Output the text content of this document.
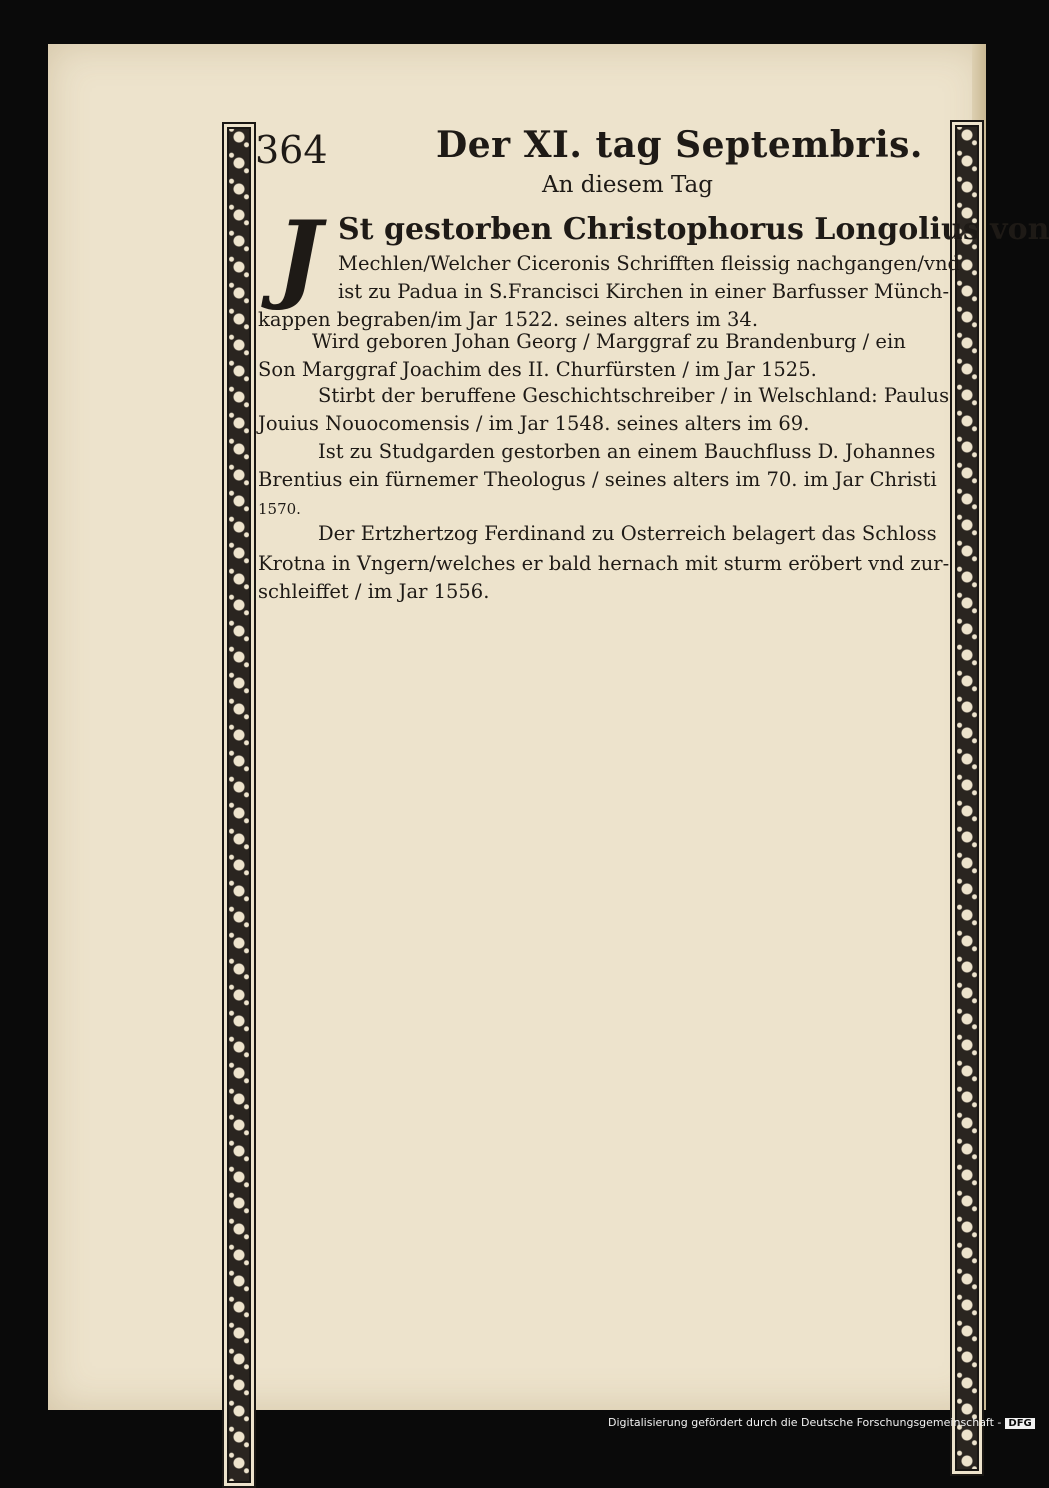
364	Der XI. tag Septembris.
An diesem Tag
J St gestorben Christophorus Longolius von
Mechlen/Welcher Ciceronis Schrifften fleissig nachgangen/vnd
ist zu Padua in S.Francisci Kirchen in einer Barfusser Münch-
kappen begraben/im Jar 1522. seines alters im 34.
Wird geboren Johan Georg / Marggraf zu Brandenburg / ein
Son Marggraf Joachim des II. Churfürsten / im Jar 1525.
Stirbt der beruffene Geschichtschreiber / in Welschland: Paulus
Jouius Nouocomensis / im Jar 1548. seines alters im 69.
Ist zu Studgarden gestorben an einem Bauchfluss D. Johannes
Brentius ein fürnemer Theologus / seines alters im 70. im Jar Christi
1570.
Der Ertzhertzog Ferdinand zu Osterreich belagert das Schloss
Krotna in Vngern/welches er bald hernach mit sturm eröbert vnd zur-
schleiffet / im Jar 1556.
Digitalisierung gefördert durch die Deutsche Forschungsgemeinschaft - DFG
